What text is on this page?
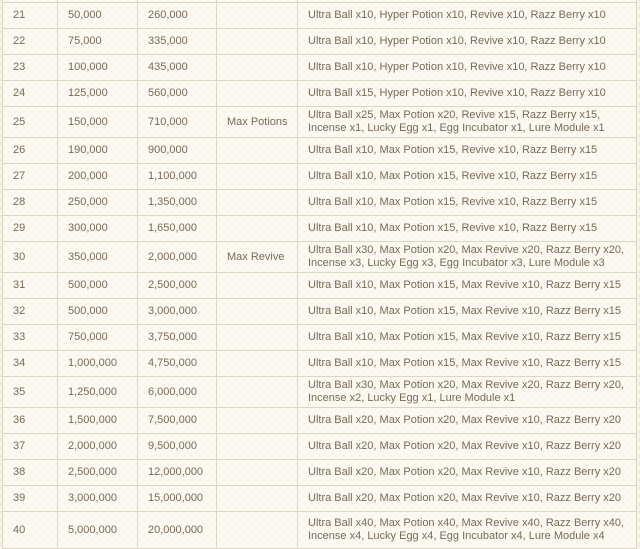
21	50,000	260,000		Ultra Ball x10, Hyper Potion x10, Revive x10, Razz Berry x10
22	75,000	335,000		Ultra Ball x10, Hyper Potion x10, Revive x10, Razz Berry x10
23	100,000	435,000		Ultra Ball x10, Hyper Potion x10, Revive x10, Razz Berry x10
24	125,000	560,000		Ultra Ball x15, Hyper Potion x10, Revive x10, Razz Berry x10
25	150,000	710,000	Max Potions	Ultra Ball x25, Max Potion x20, Revive x15, Razz Berry x15, Incense x1, Lucky Egg x1, Egg Incubator x1, Lure Module x1
26	190,000	900,000		Ultra Ball x10, Max Potion x15, Revive x10, Razz Berry x15
27	200,000	1,100,000		Ultra Ball x10, Max Potion x15, Revive x10, Razz Berry x15
28	250,000	1,350,000		Ultra Ball x10, Max Potion x15, Revive x10, Razz Berry x15
29	300,000	1,650,000		Ultra Ball x10, Max Potion x15, Revive x10, Razz Berry x15
30	350,000	2,000,000	Max Revive	Ultra Ball x30, Max Potion x20, Max Revive x20, Razz Berry x20, Incense x3, Lucky Egg x3, Egg Incubator x3, Lure Module x3
31	500,000	2,500,000		Ultra Ball x10, Max Potion x15, Max Revive x10, Razz Berry x15
32	500,000	3,000,000		Ultra Ball x10, Max Potion x15, Max Revive x10, Razz Berry x15
33	750,000	3,750,000		Ultra Ball x10, Max Potion x15, Max Revive x10, Razz Berry x15
34	1,000,000	4,750,000		Ultra Ball x10, Max Potion x15, Max Revive x10, Razz Berry x15
35	1,250,000	6,000,000		Ultra Ball x30, Max Potion x20, Max Revive x20, Razz Berry x20, Incense x2, Lucky Egg x1, Lure Module x1
36	1,500,000	7,500,000		Ultra Ball x20, Max Potion x20, Max Revive x10, Razz Berry x20
37	2,000,000	9,500,000		Ultra Ball x20, Max Potion x20, Max Revive x10, Razz Berry x20
38	2,500,000	12,000,000		Ultra Ball x20, Max Potion x20, Max Revive x10, Razz Berry x20
39	3,000,000	15,000,000		Ultra Ball x20, Max Potion x20, Max Revive x10, Razz Berry x20
40	5,000,000	20,000,000		Ultra Ball x40, Max Potion x40, Max Revive x40, Razz Berry x40, Incense x4, Lucky Egg x4, Egg Incubator x4, Lure Module x4
